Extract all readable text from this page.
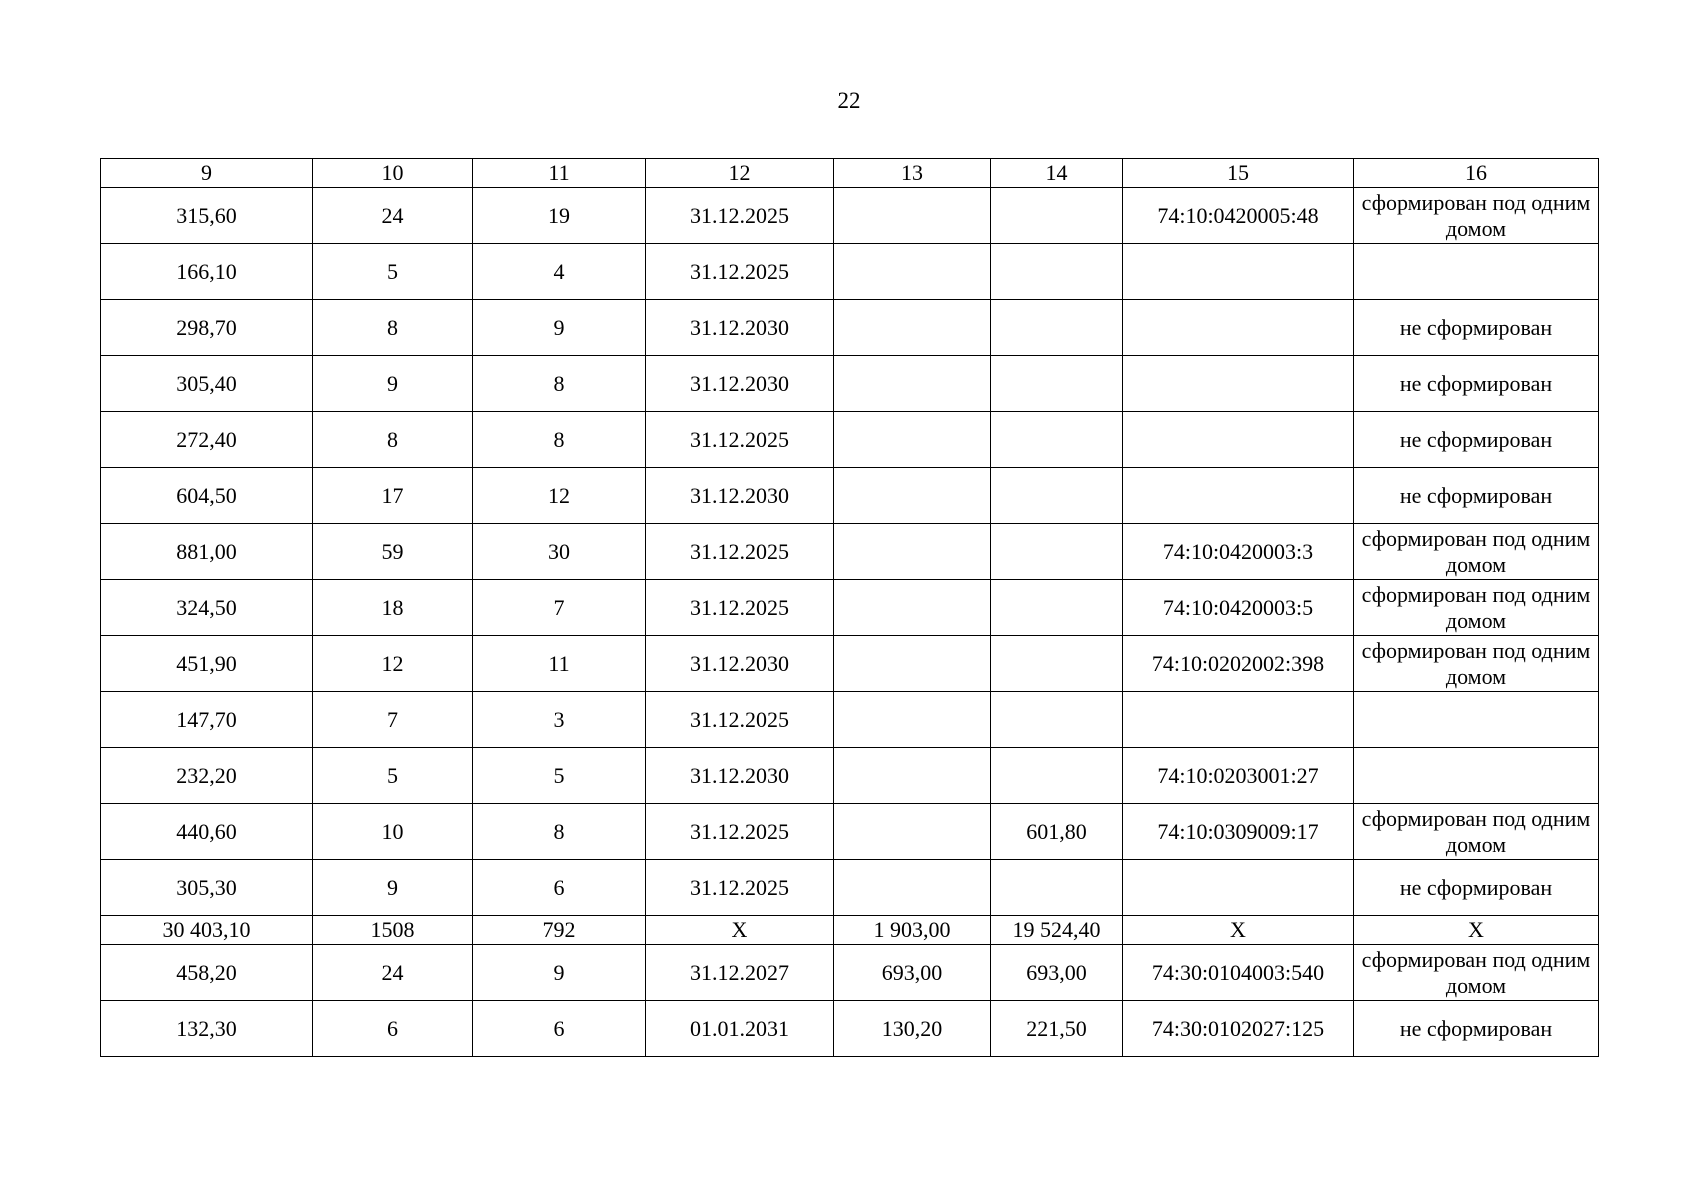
22
9	10	11	12	13	14	15	16
315,60	24	19	31.12.2025			74:10:0420005:48	сформирован под одним домом
166,10	5	4	31.12.2025				
298,70	8	9	31.12.2030				не сформирован
305,40	9	8	31.12.2030				не сформирован
272,40	8	8	31.12.2025				не сформирован
604,50	17	12	31.12.2030				не сформирован
881,00	59	30	31.12.2025			74:10:0420003:3	сформирован под одним домом
324,50	18	7	31.12.2025			74:10:0420003:5	сформирован под одним домом
451,90	12	11	31.12.2030			74:10:0202002:398	сформирован под одним домом
147,70	7	3	31.12.2025				
232,20	5	5	31.12.2030			74:10:0203001:27	
440,60	10	8	31.12.2025		601,80	74:10:0309009:17	сформирован под одним домом
305,30	9	6	31.12.2025				не сформирован
30 403,10	1508	792	X	1 903,00	19 524,40	X	X
458,20	24	9	31.12.2027	693,00	693,00	74:30:0104003:540	сформирован под одним домом
132,30	6	6	01.01.2031	130,20	221,50	74:30:0102027:125	не сформирован
